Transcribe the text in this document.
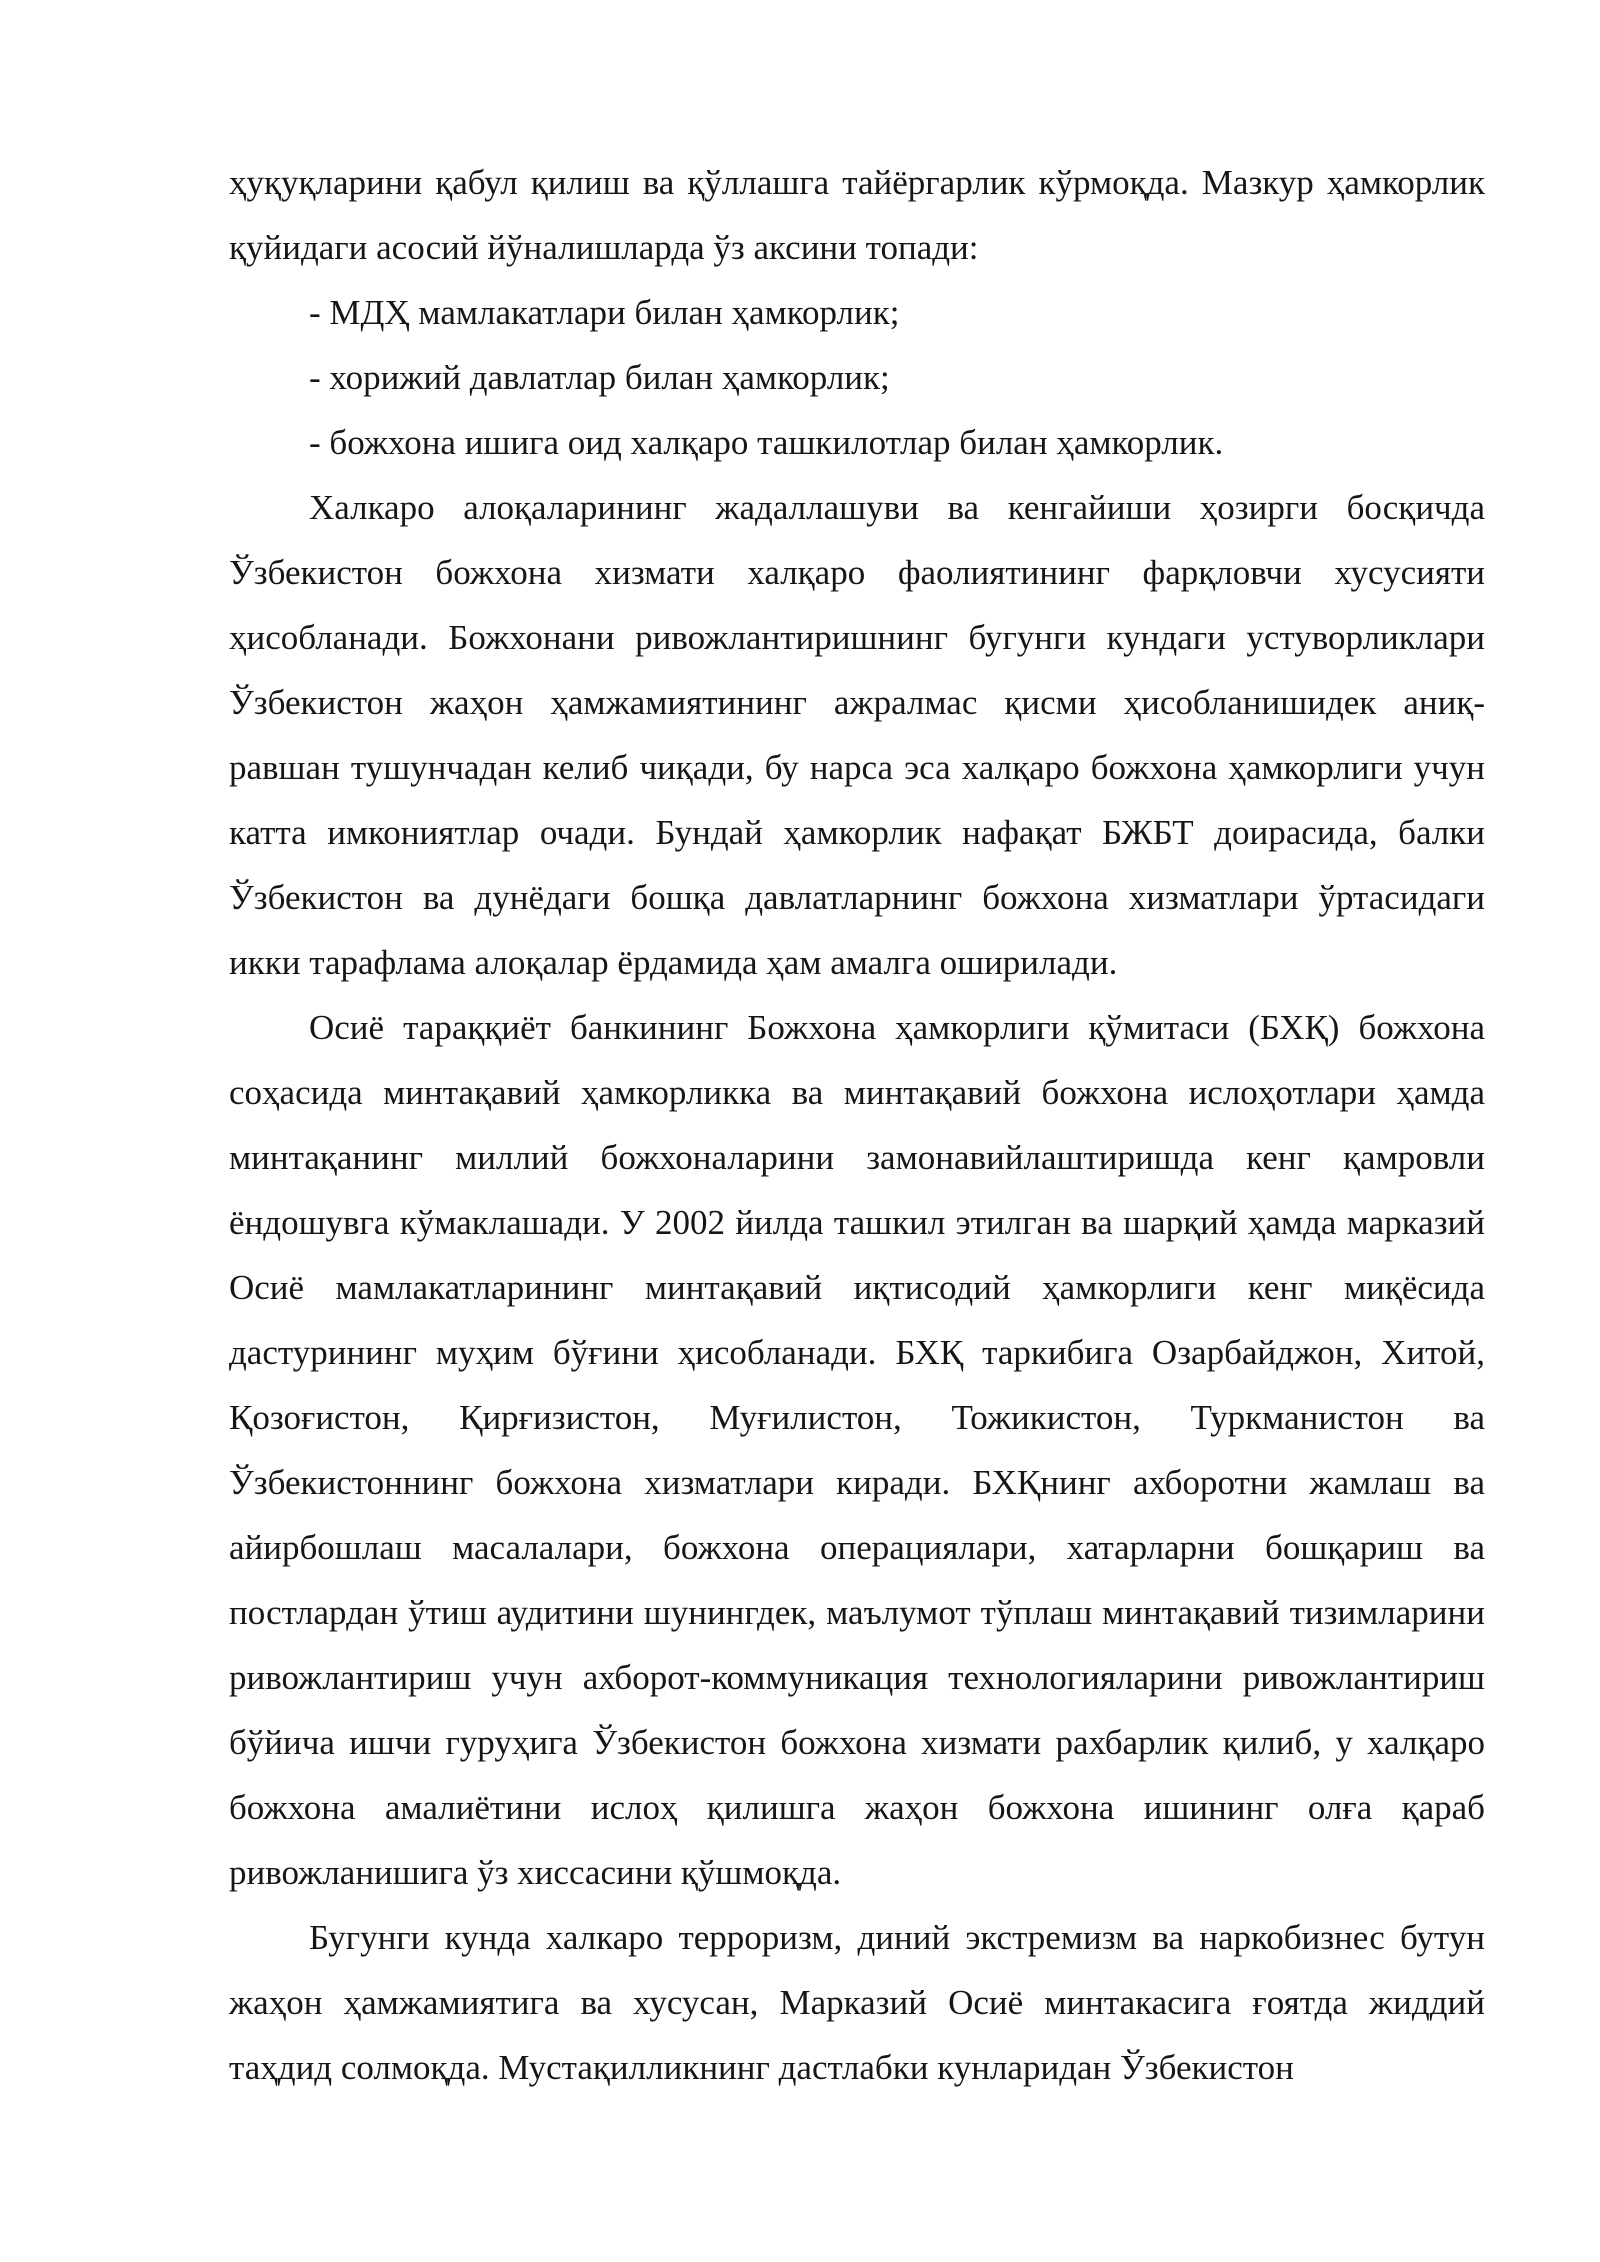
ҳуқуқларини қабул қилиш ва қўллашга тайёргарлик кўрмоқда. Мазкур ҳамкорлик қуйидаги асосий йўналишларда ўз аксини топади:

- МДҲ мамлакатлари билан ҳамкорлик;

- хорижий давлатлар билан ҳамкорлик;

- божхона ишига оид халқаро ташкилотлар билан ҳамкорлик.

Халкаро алоқаларининг жадаллашуви ва кенгайиши ҳозирги босқичда Ўзбекистон божхона хизмати халқаро фаолиятининг фарқловчи хусусияти ҳисобланади. Божхонани ривожлантиришнинг бугунги кундаги устуворликлари Ўзбекистон жаҳон ҳамжамиятининг ажралмас қисми ҳисобланишидек аниқ-равшан тушунчадан келиб чиқади, бу нарса эса халқаро божхона ҳамкорлиги учун катта имкониятлар очади. Бундай ҳамкорлик нафақат БЖБТ доирасида, балки Ўзбекистон ва дунёдаги бошқа давлатларнинг божхона хизматлари ўртасидаги икки тарафлама алоқалар ёрдамида ҳам амалга оширилади.

Осиё тараққиёт банкининг Божхона ҳамкорлиги қўмитаси (БХҚ) божхона соҳасида минтақавий ҳамкорликка ва минтақавий божхона ислоҳотлари ҳамда минтақанинг миллий божхоналарини замонавийлаштиришда кенг қамровли ёндошувга кўмаклашади. У 2002 йилда ташкил этилган ва шарқий ҳамда марказий Осиё мамлакатларининг минтақавий иқтисодий ҳамкорлиги кенг миқёсида дастурининг муҳим бўғини ҳисобланади. БХҚ таркибига Озарбайджон, Хитой, Қозоғистон, Қирғизистон, Муғилистон, Тожикистон, Туркманистон ва Ўзбекистоннинг божхона хизматлари киради. БХҚнинг ахборотни жамлаш ва айирбошлаш масалалари, божхона операциялари, хатарларни бошқариш ва постлардан ўтиш аудитини шунингдек, маълумот тўплаш минтақавий тизимларини ривожлантириш учун ахборот-коммуникация технологияларини ривожлантириш бўйича ишчи гуруҳига Ўзбекистон божхона хизмати рахбарлик қилиб, у халқаро божхона амалиётини ислоҳ қилишга жаҳон божхона ишининг олға қараб ривожланишига ўз хиссасини қўшмоқда.

Бугунги кунда халкаро терроризм, диний экстремизм ва наркобизнес бутун жаҳон ҳамжамиятига ва хусусан, Марказий Осиё минтакасига ғоятда жиддий таҳдид солмоқда. Мустақилликнинг дастлабки кунларидан Ўзбекистон
